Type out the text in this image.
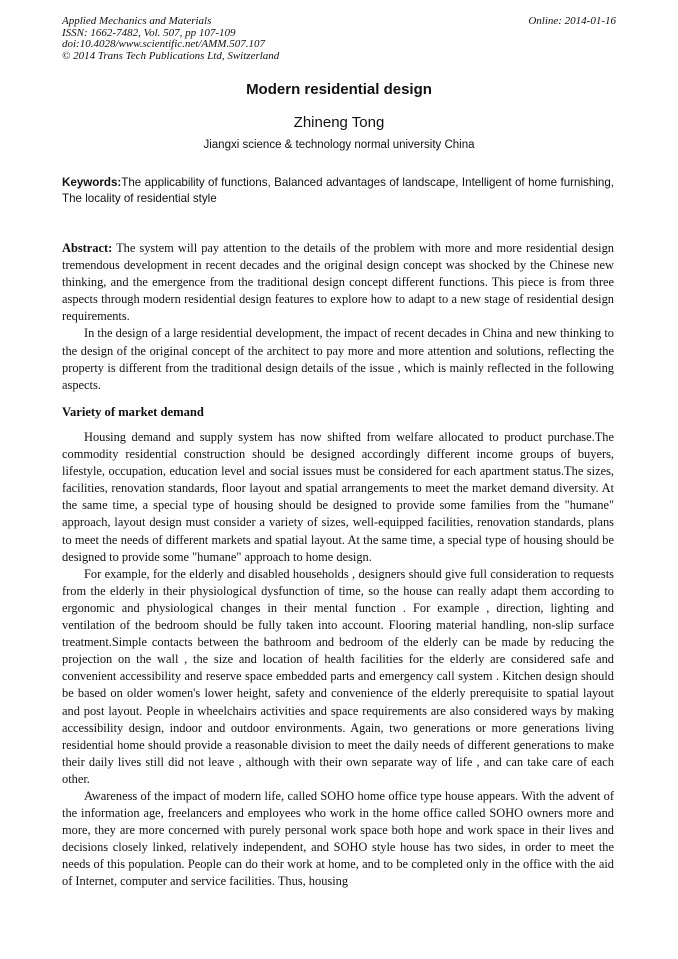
Applied Mechanics and Materials
ISSN: 1662-7482, Vol. 507, pp 107-109
doi:10.4028/www.scientific.net/AMM.507.107
© 2014 Trans Tech Publications Ltd, Switzerland
Online: 2014-01-16
Modern residential design
Zhineng Tong
Jiangxi science & technology normal university China
Keywords:The applicability of functions, Balanced advantages of landscape, Intelligent of home furnishing, The locality of residential style

Abstract: The system will pay attention to the details of the problem with more and more residential design tremendous development in recent decades and the original design concept was shocked by the Chinese new thinking, and the emergence from the traditional design concept different functions. This piece is from three aspects through modern residential design features to explore how to adapt to a new stage of residential design requirements.

In the design of a large residential development, the impact of recent decades in China and new thinking to the design of the original concept of the architect to pay more and more attention and solutions, reflecting the property is different from the traditional design details of the issue , which is mainly reflected in the following aspects.

Variety of market demand

Housing demand and supply system has now shifted from welfare allocated to product purchase.The commodity residential construction should be designed accordingly different income groups of buyers, lifestyle, occupation, education level and social issues must be considered for each apartment status.The sizes, facilities, renovation standards, floor layout and spatial arrangements to meet the market demand diversity. At the same time, a special type of housing should be designed to provide some families from the "humane" approach, layout design must consider a variety of sizes, well-equipped facilities, renovation standards, plans to meet the needs of different markets and spatial layout. At the same time, a special type of housing should be designed to provide some "humane" approach to home design.

For example, for the elderly and disabled households , designers should give full consideration to requests from the elderly in their physiological dysfunction of time, so the house can really adapt them according to ergonomic and physiological changes in their mental function . For example , direction, lighting and ventilation of the bedroom should be fully taken into account. Flooring material handling, non-slip surface treatment.Simple contacts between the bathroom and bedroom of the elderly can be made by reducing the projection on the wall , the size and location of health facilities for the elderly are considered safe and convenient accessibility and reserve space embedded parts and emergency call system . Kitchen design should be based on older women's lower height, safety and convenience of the elderly prerequisite to spatial layout and post layout. People in wheelchairs activities and space requirements are also considered ways by making accessibility design, indoor and outdoor environments. Again, two generations or more generations living residential home should provide a reasonable division to meet the daily needs of different generations to make their daily lives still did not leave , although with their own separate way of life , and can take care of each other.

Awareness of the impact of modern life, called SOHO home office type house appears. With the advent of the information age, freelancers and employees who work in the home office called SOHO owners more and more, they are more concerned with purely personal work space both hope and work space in their lives and decisions closely linked, relatively independent, and SOHO style house has two sides, in order to meet the needs of this population. People can do their work at home, and to be completed only in the office with the aid of Internet, computer and service facilities. Thus, housing
